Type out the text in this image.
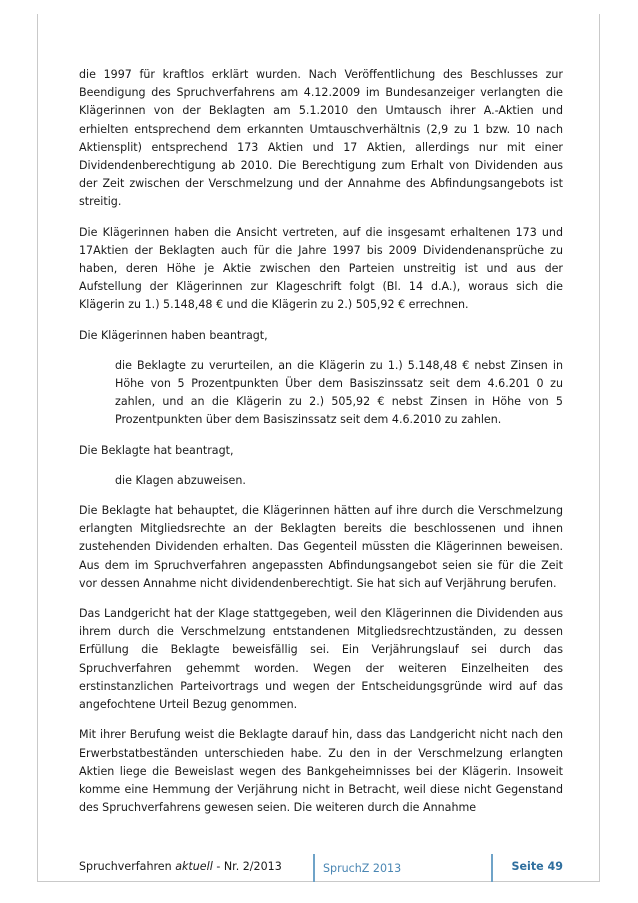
die 1997 für kraftlos erklärt wurden. Nach Veröffentlichung des Beschlusses zur Beendigung des Spruchverfahrens am 4.12.2009 im Bundesanzeiger verlangten die Klägerinnen von der Beklagten am 5.1.2010 den Umtausch ihrer A.-Aktien und erhielten entsprechend dem erkannten Umtauschverhältnis (2,9 zu 1 bzw. 10 nach Aktiensplit) entsprechend 173 Aktien und 17 Aktien, allerdings nur mit einer Dividendenberechtigung ab 2010. Die Berechtigung zum Erhalt von Dividenden aus der Zeit zwischen der Verschmelzung und der Annahme des Abfindungsangebots ist streitig.

Die Klägerinnen haben die Ansicht vertreten, auf die insgesamt erhaltenen 173 und 17Aktien der Beklagten auch für die Jahre 1997 bis 2009 Dividendenansprüche zu haben, deren Höhe je Aktie zwischen den Parteien unstreitig ist und aus der Aufstellung der Klägerinnen zur Klageschrift folgt (Bl. 14 d.A.), woraus sich die Klägerin zu 1.) 5.148,48 € und die Klägerin zu 2.) 505,92 € errechnen.

Die Klägerinnen haben beantragt,

die Beklagte zu verurteilen, an die Klägerin zu 1.) 5.148,48 € nebst Zinsen in Höhe von 5 Prozentpunkten Über dem Basiszinssatz seit dem 4.6.201 0 zu zahlen, und an die Klägerin zu 2.) 505,92 € nebst Zinsen in Höhe von 5 Prozentpunkten über dem Basiszinssatz seit dem 4.6.2010 zu zahlen.

Die Beklagte hat beantragt,

die Klagen abzuweisen.

Die Beklagte hat behauptet, die Klägerinnen hätten auf ihre durch die Verschmelzung erlangten Mitgliedsrechte an der Beklagten bereits die beschlossenen und ihnen zustehenden Dividenden erhalten. Das Gegenteil müssten die Klägerinnen beweisen. Aus dem im Spruchverfahren angepassten Abfindungsangebot seien sie für die Zeit vor dessen Annahme nicht dividendenberechtigt. Sie hat sich auf Verjährung berufen.

Das Landgericht hat der Klage stattgegeben, weil den Klägerinnen die Dividenden aus ihrem durch die Verschmelzung entstandenen Mitgliedsrechtzuständen, zu dessen Erfüllung die Beklagte beweisfällig sei. Ein Verjährungslauf sei durch das Spruchverfahren gehemmt worden. Wegen der weiteren Einzelheiten des erstinstanzlichen Parteivortrags und wegen der Entscheidungsgründe wird auf das angefochtene Urteil Bezug genommen.

Mit ihrer Berufung weist die Beklagte darauf hin, dass das Landgericht nicht nach den Erwerbstatbeständen unterschieden habe. Zu den in der Verschmelzung erlangten Aktien liege die Beweislast wegen des Bankgeheimnisses bei der Klägerin. Insoweit komme eine Hemmung der Verjährung nicht in Betracht, weil diese nicht Gegenstand des Spruchverfahrens gewesen seien. Die weiteren durch die Annahme

Spruchverfahren aktuell - Nr. 2/2013	SpruchZ 2013	Seite 49
